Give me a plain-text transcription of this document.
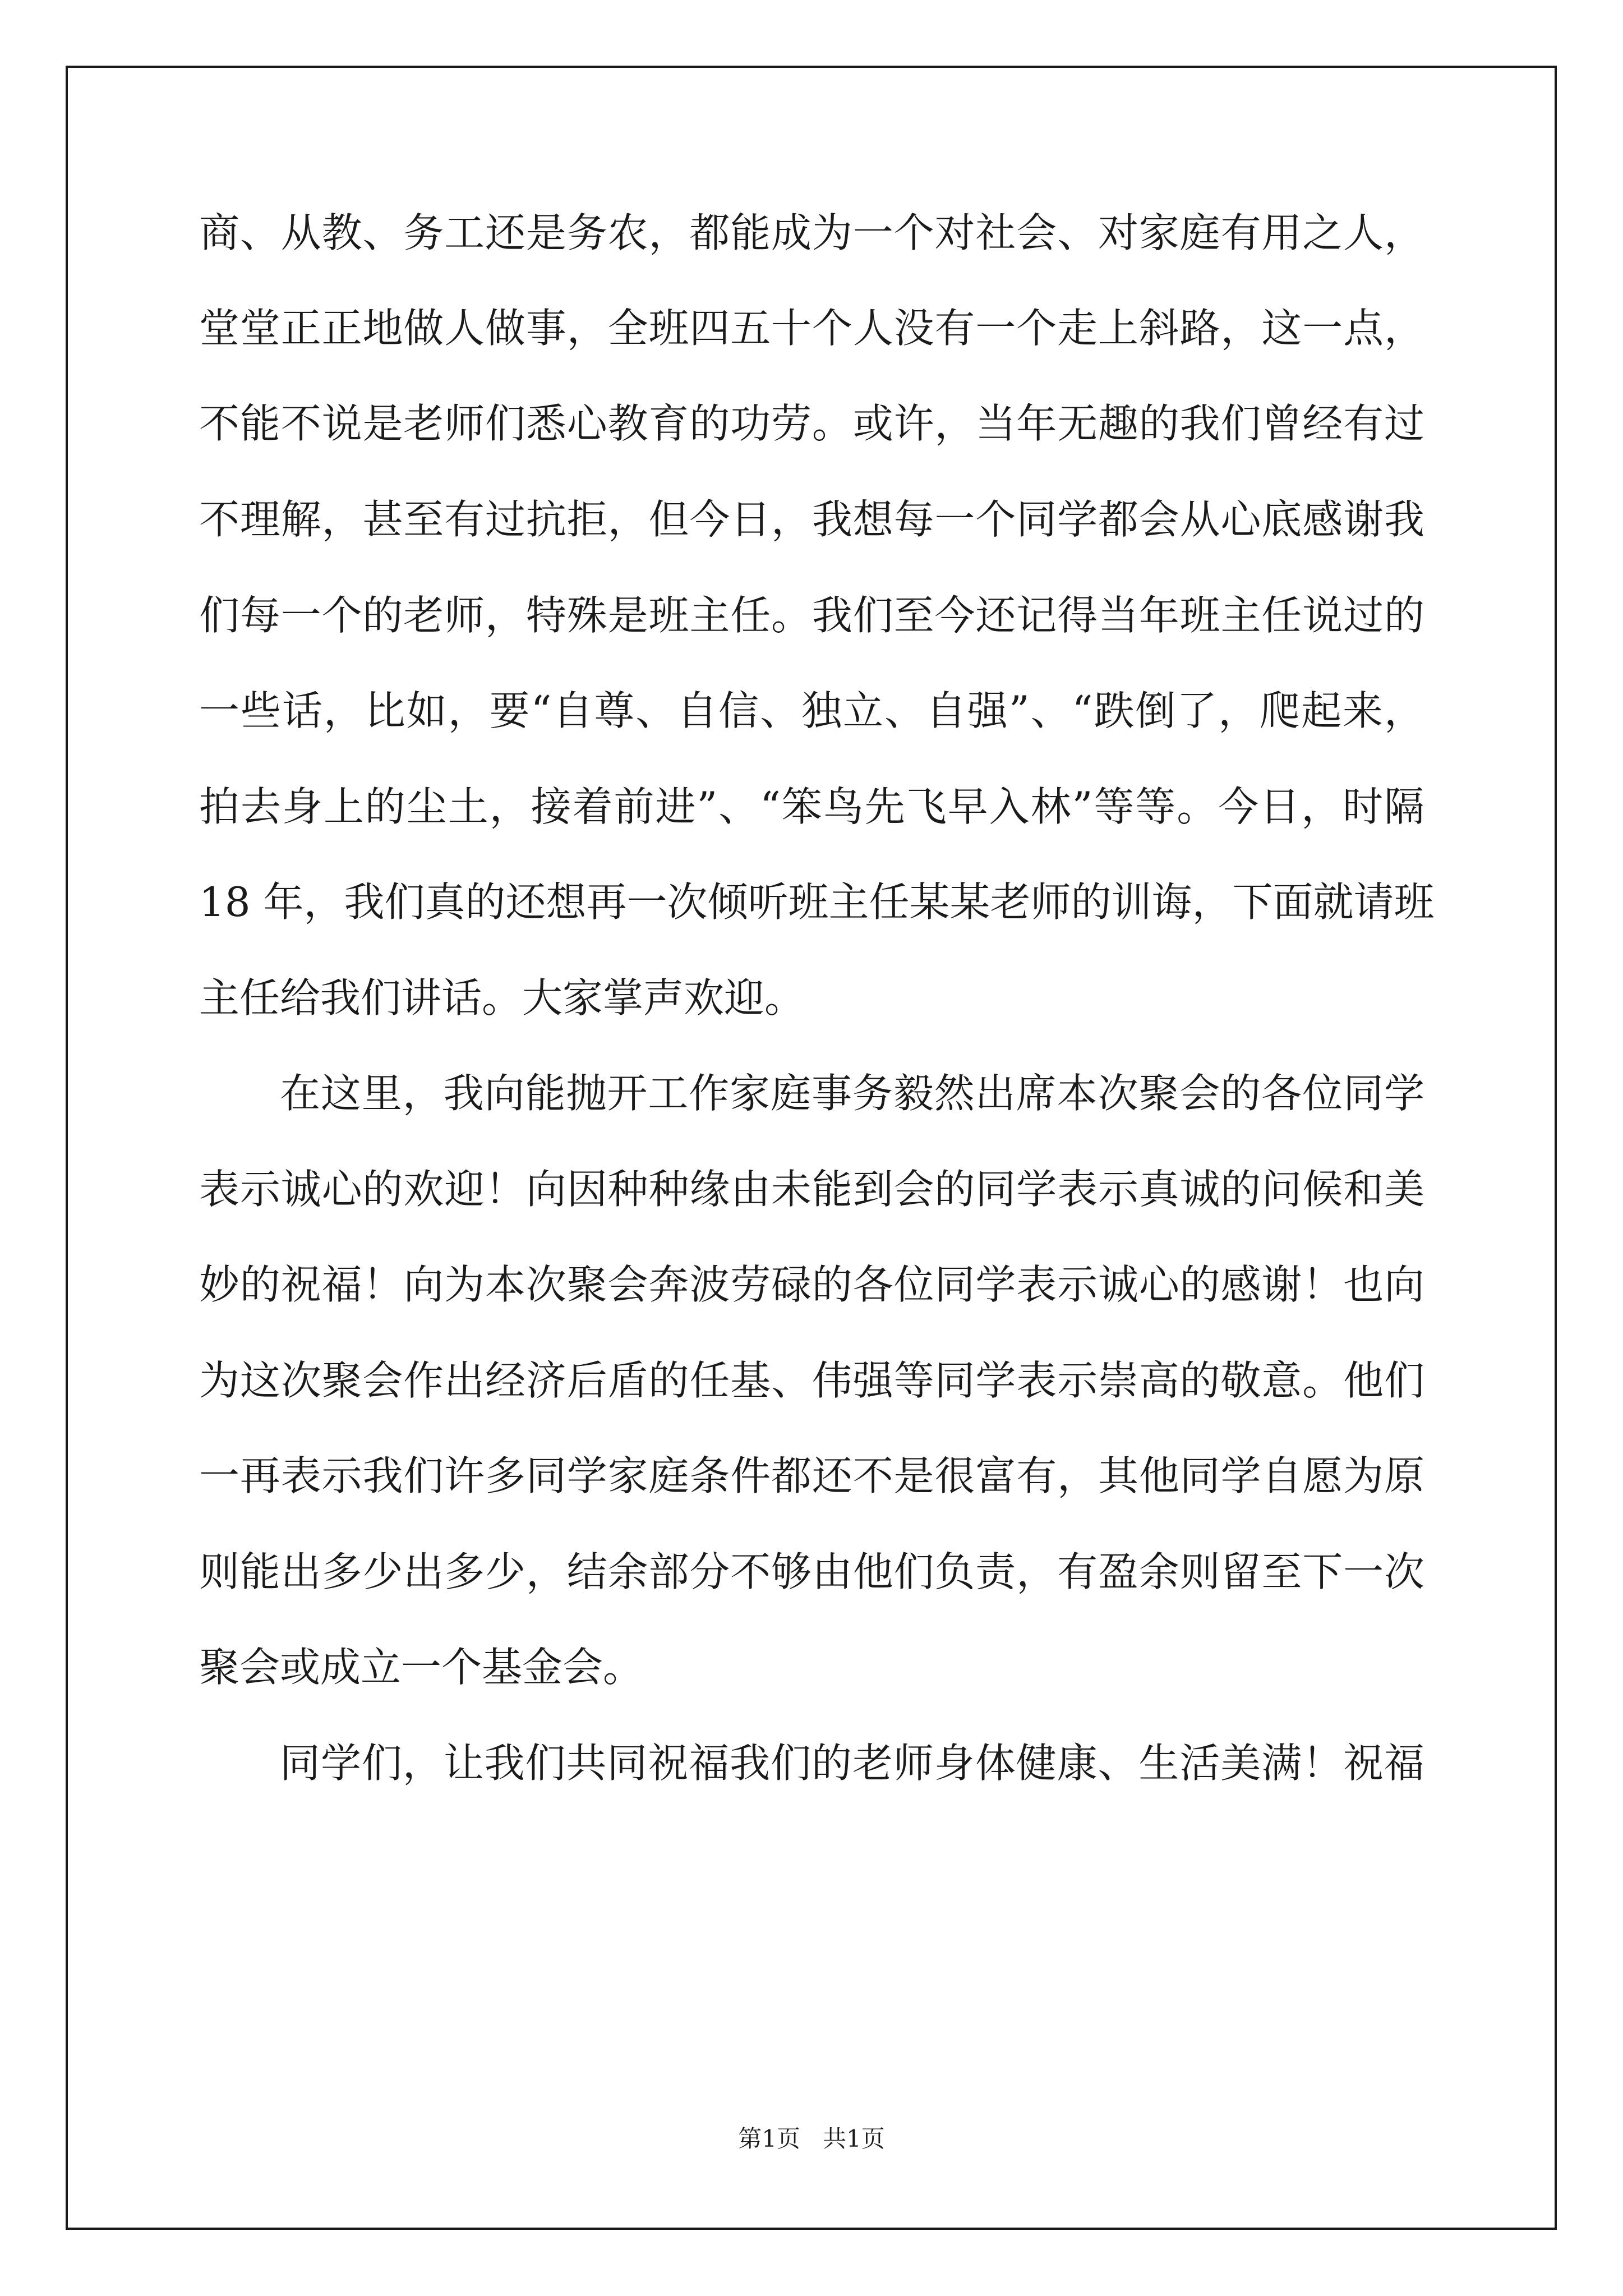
商、从教、务工还是务农，都能成为一个对社会、对家庭有用之人，
堂堂正正地做人做事，全班四五十个人没有一个走上斜路，这一点，
不能不说是老师们悉心教育的功劳。或许，当年无趣的我们曾经有过
不理解，甚至有过抗拒，但今日，我想每一个同学都会从心底感谢我
们每一个的老师，特殊是班主任。我们至今还记得当年班主任说过的
一些话，比如，要“自尊、自信、独立、自强”、“跌倒了，爬起来，
拍去身上的尘土，接着前进”、“笨鸟先飞早入林”等等。今日，时隔
18 年，我们真的还想再一次倾听班主任某某老师的训诲，下面就请班
主任给我们讲话。大家掌声欢迎。
在这里，我向能抛开工作家庭事务毅然出席本次聚会的各位同学
表示诚心的欢迎！向因种种缘由未能到会的同学表示真诚的问候和美
妙的祝福！向为本次聚会奔波劳碌的各位同学表示诚心的感谢！也向
为这次聚会作出经济后盾的任基、伟强等同学表示崇高的敬意。他们
一再表示我们许多同学家庭条件都还不是很富有，其他同学自愿为原
则能出多少出多少，结余部分不够由他们负责，有盈余则留至下一次
聚会或成立一个基金会。
同学们，让我们共同祝福我们的老师身体健康、生活美满！祝福
第1页   共1页
